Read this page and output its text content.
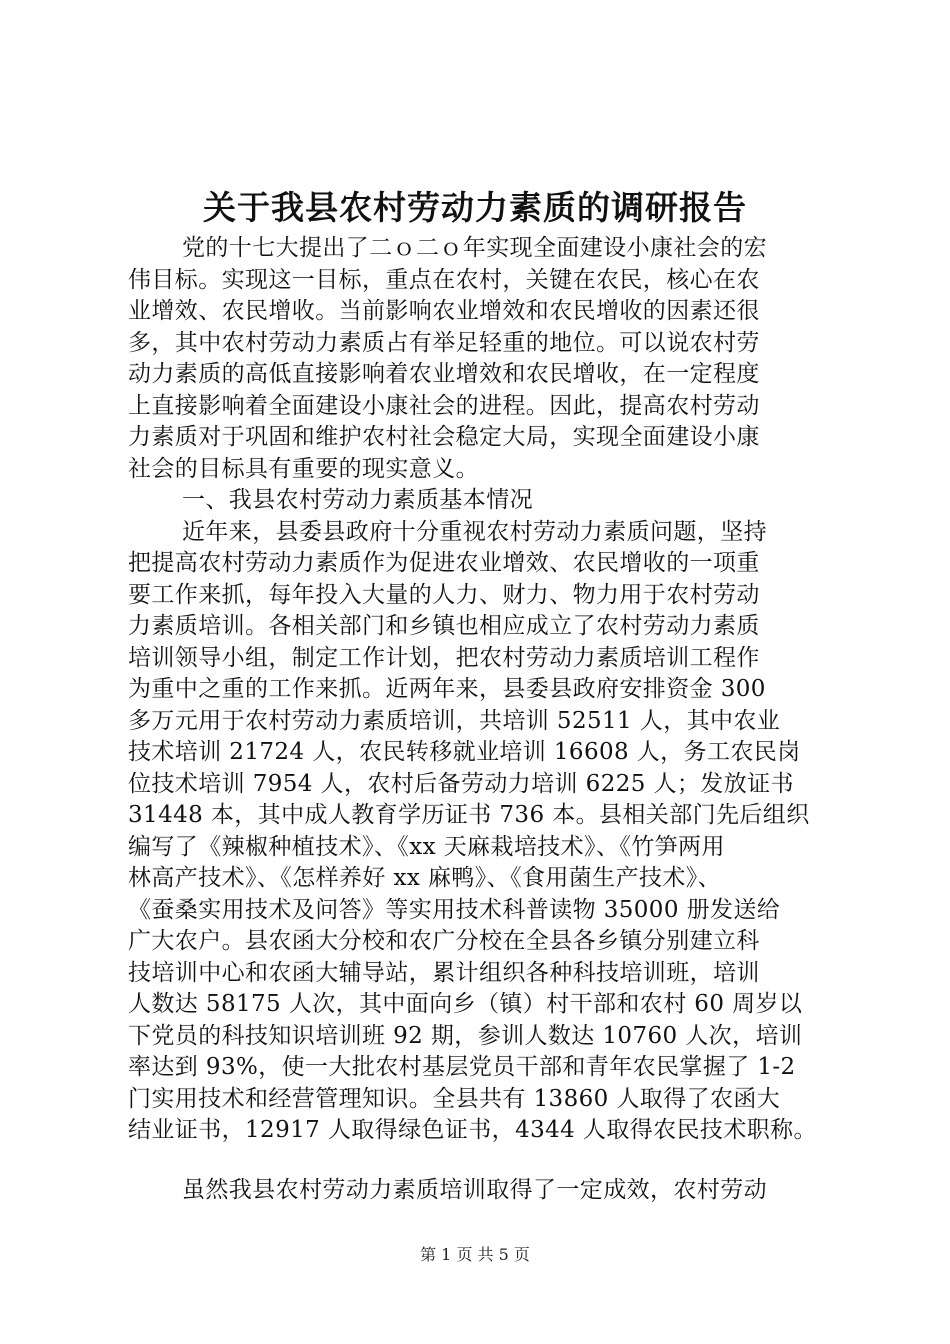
关于我县农村劳动力素质的调研报告
党的十七大提出了二ｏ二ｏ年实现全面建设小康社会的宏
伟目标。实现这一目标，重点在农村，关键在农民，核心在农
业增效、农民增收。当前影响农业增效和农民增收的因素还很
多，其中农村劳动力素质占有举足轻重的地位。可以说农村劳
动力素质的高低直接影响着农业增效和农民增收，在一定程度
上直接影响着全面建设小康社会的进程。因此，提高农村劳动
力素质对于巩固和维护农村社会稳定大局，实现全面建设小康
社会的目标具有重要的现实意义。
一、我县农村劳动力素质基本情况
近年来，县委县政府十分重视农村劳动力素质问题，坚持
把提高农村劳动力素质作为促进农业增效、农民增收的一项重
要工作来抓，每年投入大量的人力、财力、物力用于农村劳动
力素质培训。各相关部门和乡镇也相应成立了农村劳动力素质
培训领导小组，制定工作计划，把农村劳动力素质培训工程作
为重中之重的工作来抓。近两年来，县委县政府安排资金 300
多万元用于农村劳动力素质培训，共培训 52511 人，其中农业
技术培训 21724 人，农民转移就业培训 16608 人，务工农民岗
位技术培训 7954 人，农村后备劳动力培训 6225 人；发放证书
31448 本，其中成人教育学历证书 736 本。县相关部门先后组织
编写了《辣椒种植技术》、《xx 天麻栽培技术》、《竹笋两用
林高产技术》、《怎样养好 xx 麻鸭》、《食用菌生产技术》、
《蚕桑实用技术及问答》等实用技术科普读物 35000 册发送给
广大农户。县农函大分校和农广分校在全县各乡镇分别建立科
技培训中心和农函大辅导站，累计组织各种科技培训班，培训
人数达 58175 人次，其中面向乡（镇）村干部和农村 60 周岁以
下党员的科技知识培训班 92 期，参训人数达 10760 人次，培训
率达到 93%，使一大批农村基层党员干部和青年农民掌握了 1-2
门实用技术和经营管理知识。全县共有 13860 人取得了农函大
结业证书，12917 人取得绿色证书，4344 人取得农民技术职称。
虽然我县农村劳动力素质培训取得了一定成效，农村劳动
第 1 页 共 5 页
